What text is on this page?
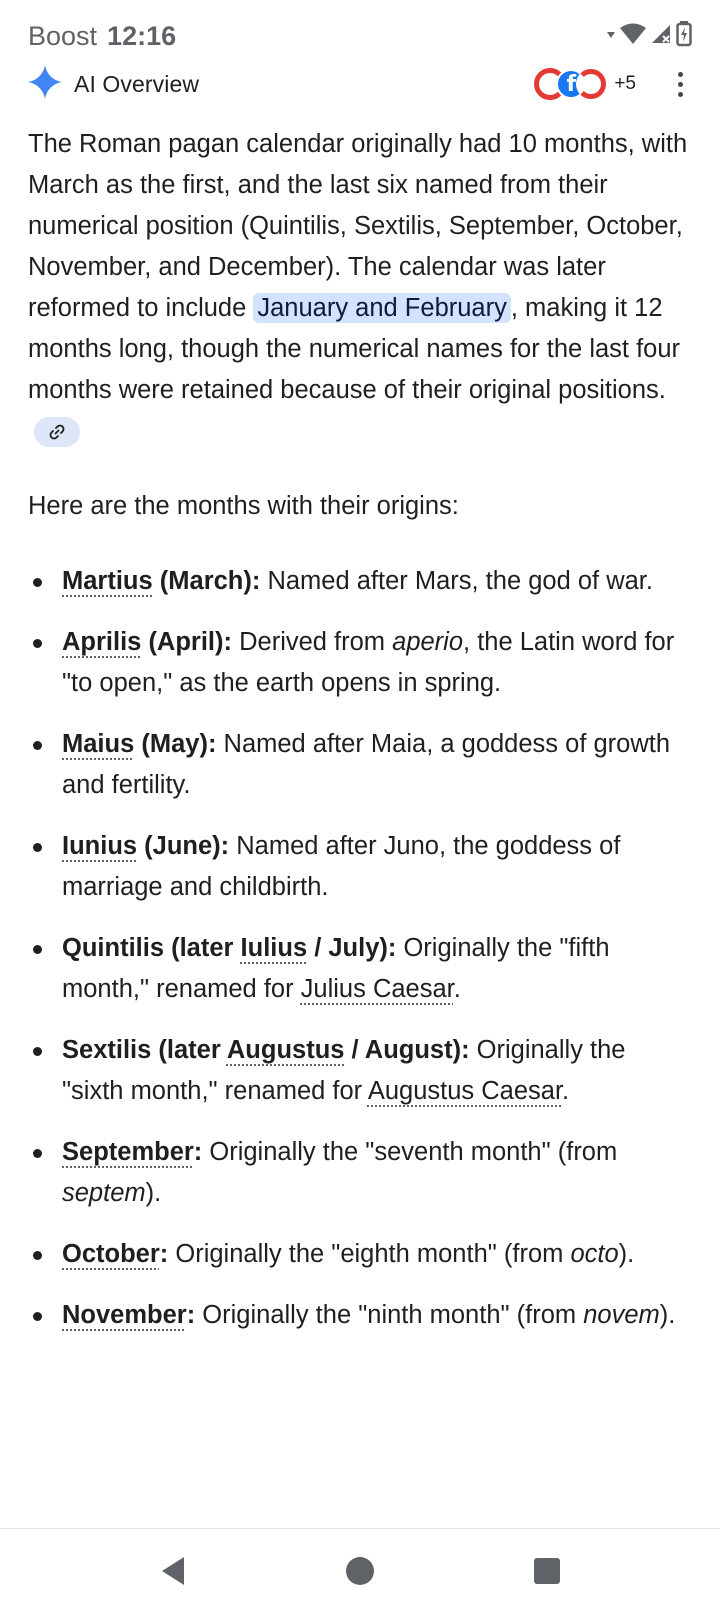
Boost 12:16
AI Overview	f	+5

The Roman pagan calendar originally had 10 months, with March as the first, and the last six named from their numerical position (Quintilis, Sextilis, September, October, November, and December). The calendar was later reformed to include January and February , making it 12 months long, though the numerical names for the last four months were retained because of their original positions.

Here are the months with their origins:

Martius (March): Named after Mars, the god of war.
Aprilis (April): Derived from aperio, the Latin word for "to open," as the earth opens in spring.
Maius (May): Named after Maia, a goddess of growth and fertility.
Iunius (June): Named after Juno, the goddess of marriage and childbirth.
Quintilis (later Iulius / July): Originally the "fifth month," renamed for Julius Caesar.
Sextilis (later Augustus / August): Originally the "sixth month," renamed for Augustus Caesar.
September: Originally the "seventh month" (from septem).
October: Originally the "eighth month" (from octo).
November: Originally the "ninth month" (from novem).
